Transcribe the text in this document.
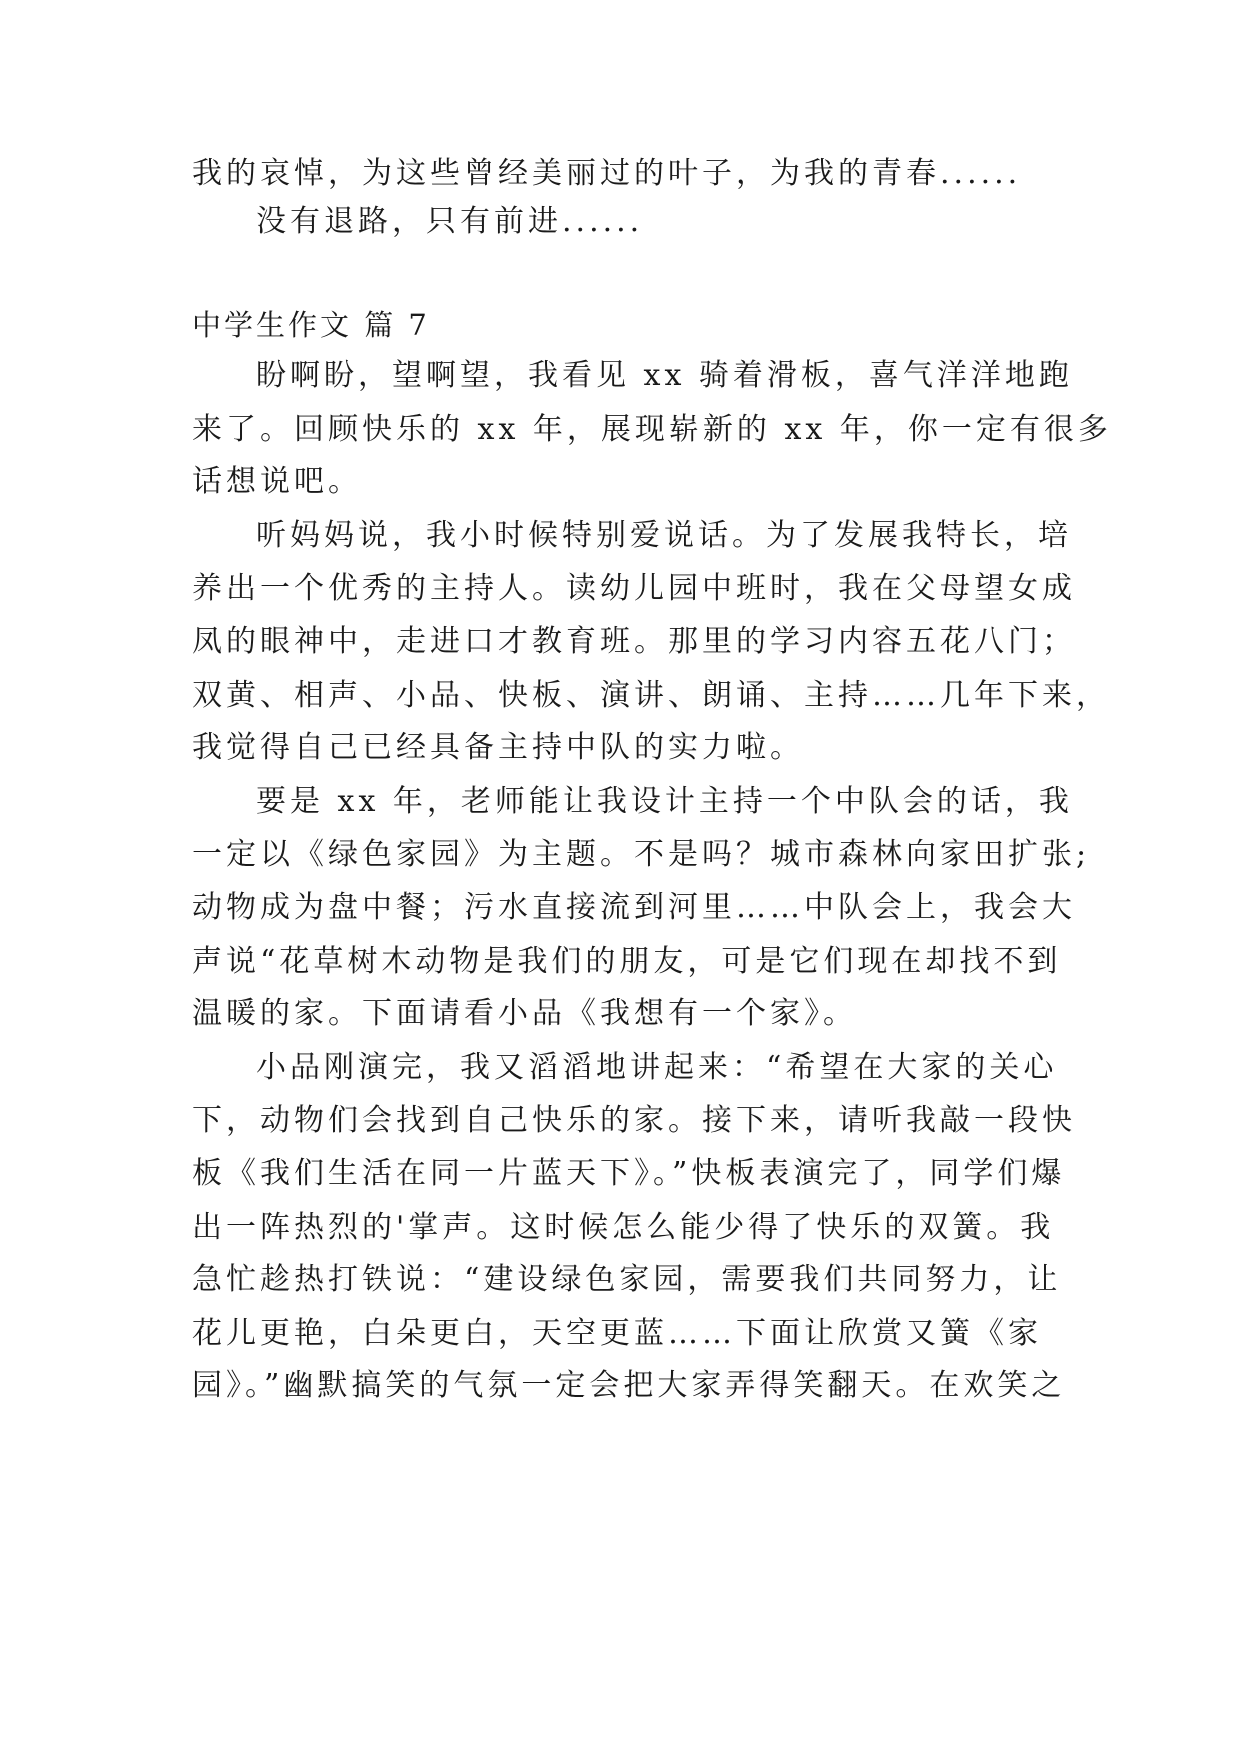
我的哀悼，为这些曾经美丽过的叶子，为我的青春......
没有退路，只有前进......
中学生作文 篇 7
盼啊盼，望啊望，我看见 xx 骑着滑板，喜气洋洋地跑
来了。回顾快乐的 xx 年，展现崭新的 xx 年，你一定有很多
话想说吧。
听妈妈说，我小时候特别爱说话。为了发展我特长，培
养出一个优秀的主持人。读幼儿园中班时，我在父母望女成
凤的眼神中，走进口才教育班。那里的学习内容五花八门；
双黄、相声、小品、快板、演讲、朗诵、主持……几年下来，
我觉得自己已经具备主持中队的实力啦。
要是 xx 年，老师能让我设计主持一个中队会的话，我
一定以《绿色家园》为主题。不是吗？城市森林向家田扩张;
动物成为盘中餐；污水直接流到河里……中队会上，我会大
声说“花草树木动物是我们的朋友，可是它们现在却找不到
温暖的家。下面请看小品《我想有一个家》。
小品刚演完，我又滔滔地讲起来：“希望在大家的关心
下，动物们会找到自己快乐的家。接下来，请听我敲一段快
板《我们生活在同一片蓝天下》。”快板表演完了，同学们爆
出一阵热烈的'掌声。这时候怎么能少得了快乐的双簧。我
急忙趁热打铁说：“建设绿色家园，需要我们共同努力，让
花儿更艳，白朵更白，天空更蓝……下面让欣赏又簧《家
园》。”幽默搞笑的气氛一定会把大家弄得笑翻天。在欢笑之
